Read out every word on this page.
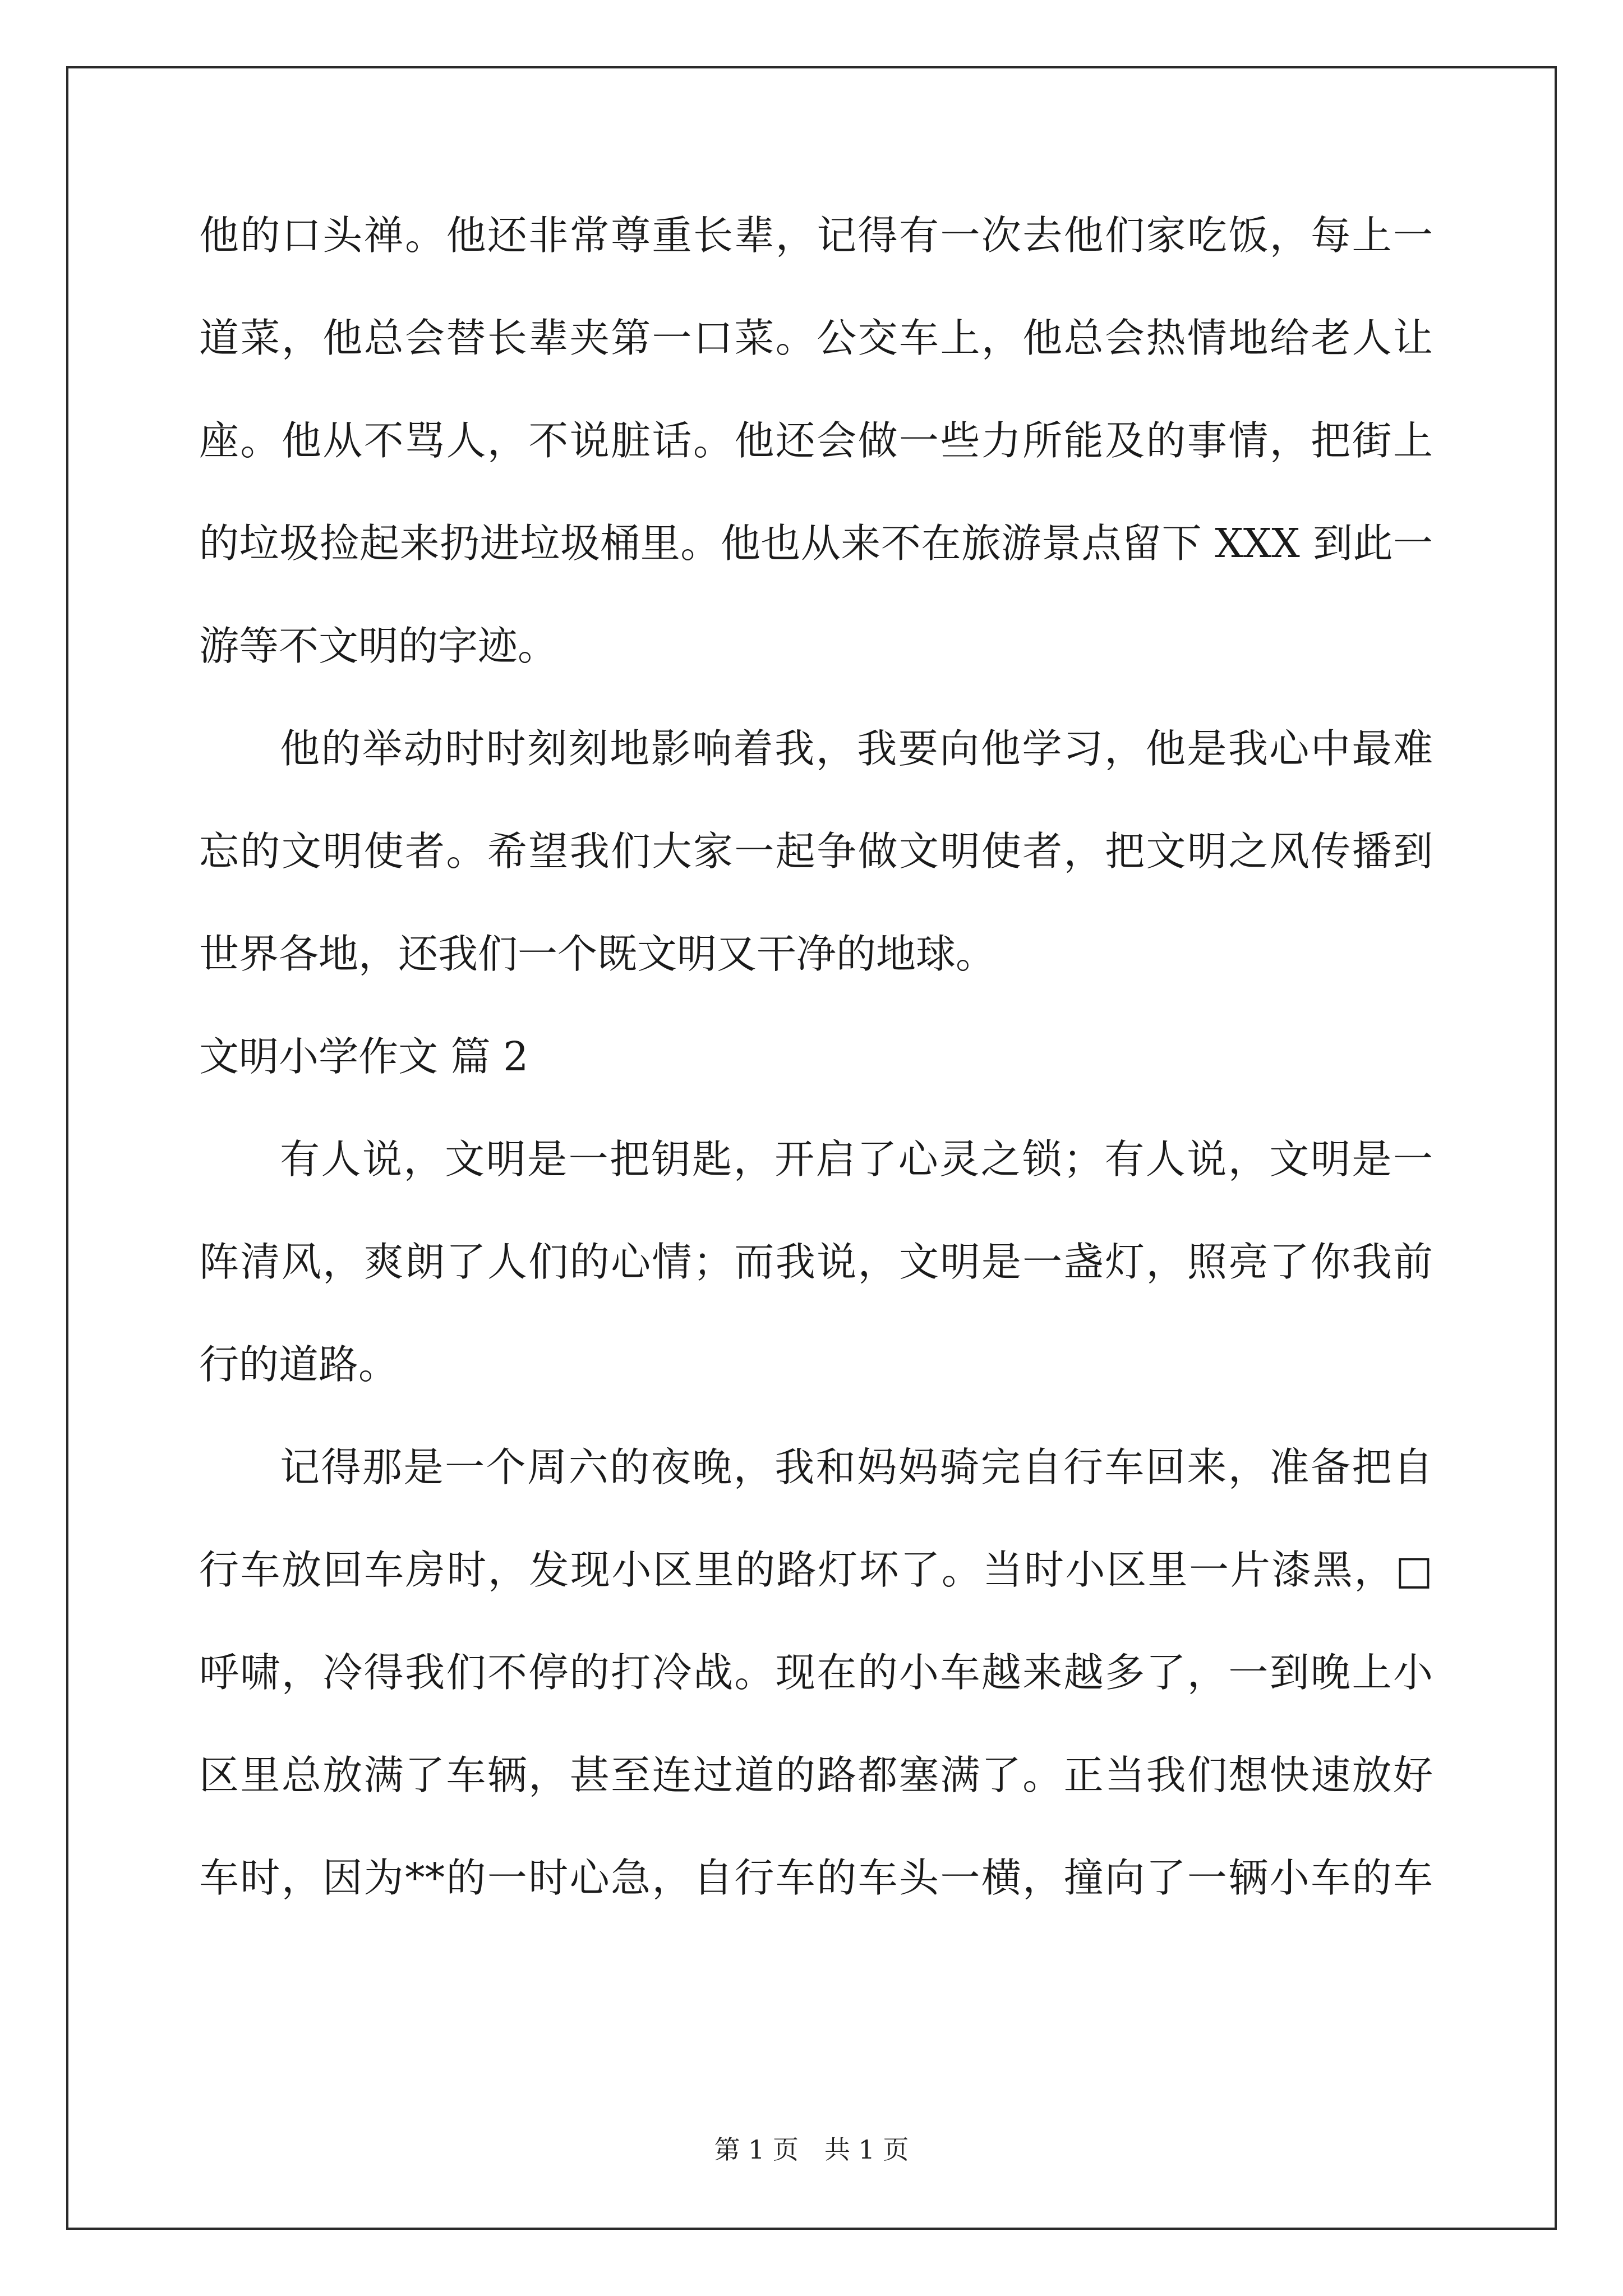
他的口头禅。他还非常尊重长辈，记得有一次去他们家吃饭，每上一
道菜，他总会替长辈夹第一口菜。公交车上，他总会热情地给老人让
座。他从不骂人，不说脏话。他还会做一些力所能及的事情，把街上
的垃圾捡起来扔进垃圾桶里。他也从来不在旅游景点留下 XXX 到此一
游等不文明的字迹。
他的举动时时刻刻地影响着我，我要向他学习，他是我心中最难
忘的文明使者。希望我们大家一起争做文明使者，把文明之风传播到
世界各地，还我们一个既文明又干净的地球。
文明小学作文 篇 2
有人说，文明是一把钥匙，开启了心灵之锁；有人说，文明是一
阵清风，爽朗了人们的心情；而我说，文明是一盏灯，照亮了你我前
行的道路。
记得那是一个周六的夜晚，我和妈妈骑完自行车回来，准备把自
行车放回车房时，发现小区里的路灯坏了。当时小区里一片漆黑，□
呼啸，冷得我们不停的打冷战。现在的小车越来越多了，一到晚上小
区里总放满了车辆，甚至连过道的路都塞满了。正当我们想快速放好
车时，因为**的一时心急，自行车的车头一横，撞向了一辆小车的车
第 1 页　共 1 页
